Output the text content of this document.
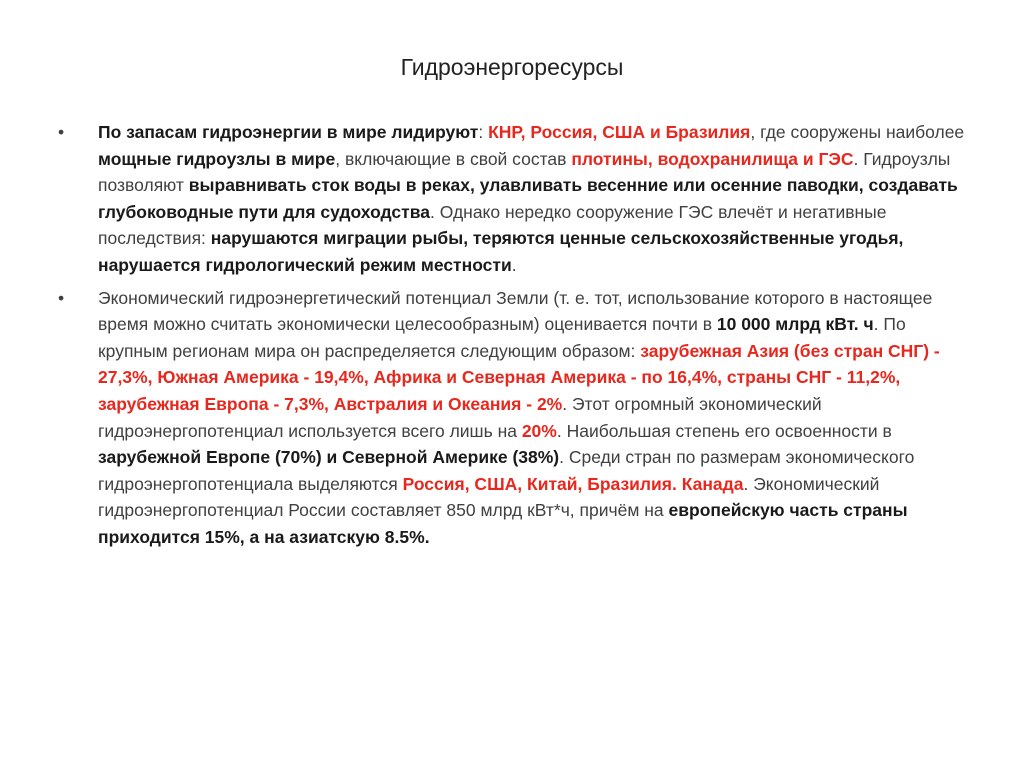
Гидроэнергоресурсы
•	По запасам гидроэнергии в мире лидируют: КНР, Россия, США и Бразилия, где сооружены наиболее мощные гидроузлы в мире, включающие в свой состав плотины, водохранилища и ГЭС. Гидроузлы позволяют выравнивать сток воды в реках, улавливать весенние или осенние паводки, создавать глубоководные пути для судоходства. Однако нередко сооружение ГЭС влечёт и негативные последствия: нарушаются миграции рыбы, теряются ценные сельскохозяйственные угодья, нарушается гидрологический режим местности.
•	Экономический гидроэнергетический потенциал Земли (т. е. тот, использование которого в настоящее время можно считать экономически целесообразным) оценивается почти в 10 000 млрд кВт. ч. По крупным регионам мира он распределяется следующим образом: зарубежная Азия (без стран СНГ) - 27,3%, Южная Америка - 19,4%, Африка и Северная Америка - по 16,4%, страны СНГ - 11,2%, зарубежная Европа - 7,3%, Австралия и Океания - 2%. Этот огромный экономический гидроэнергопотенциал используется всего лишь на 20%. Наибольшая степень его освоенности в зарубежной Европе (70%) и Северной Америке (38%). Среди стран по размерам экономического гидроэнергопотенциала выделяются Россия, США, Китай, Бразилия. Канада. Экономический гидроэнергопотенциал России составляет 850 млрд кВт*ч, причём на европейскую часть страны приходится 15%, а на азиатскую 8.5%.
